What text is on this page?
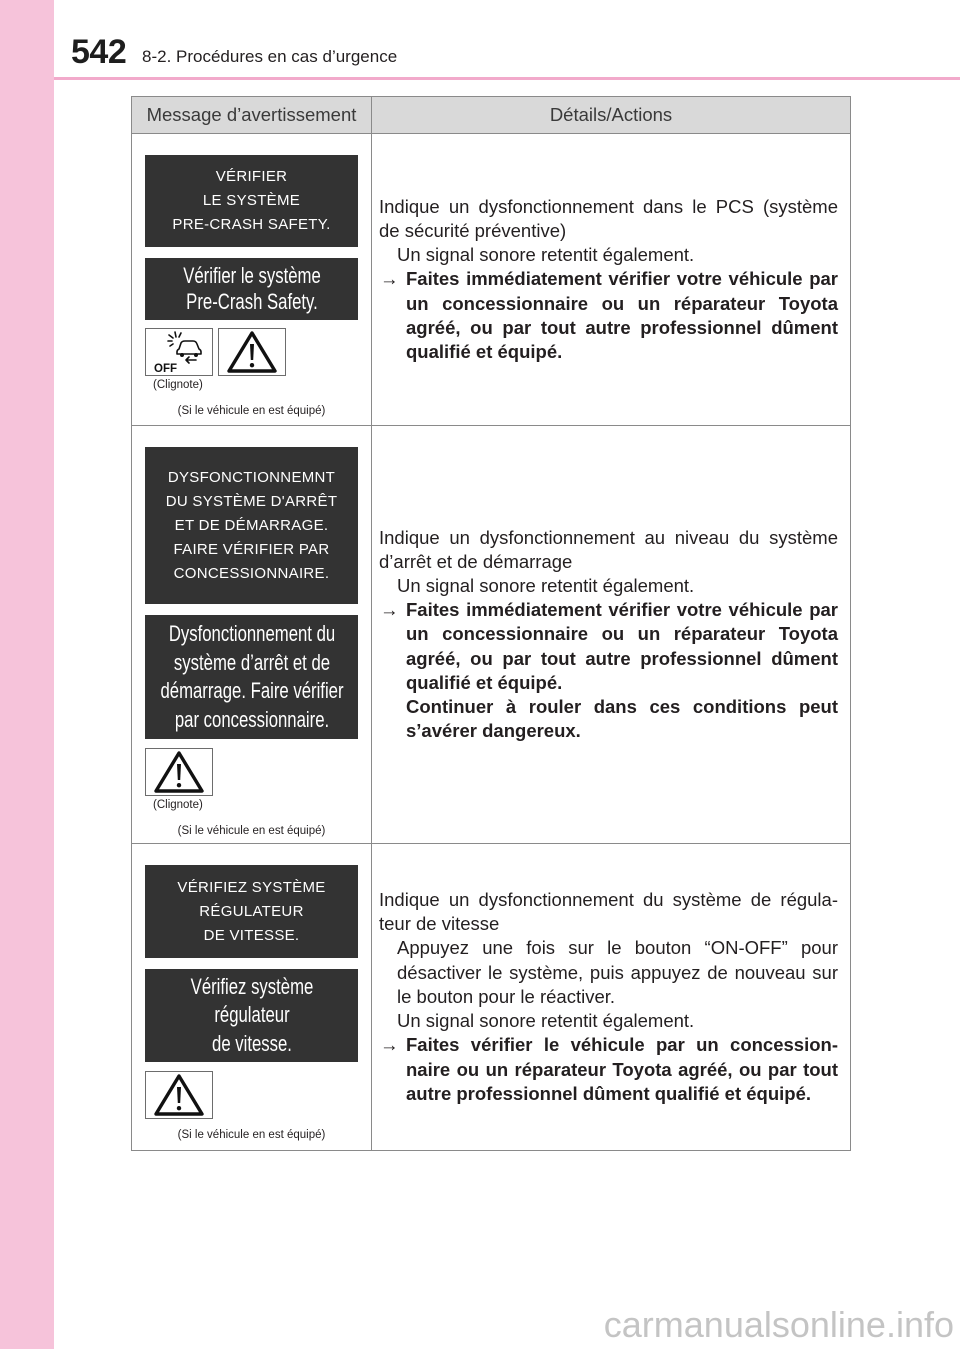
542 8-2. Procédures en cas d’urgence
Message d’avertissement	Détails/Actions
VÉRIFIER
LE SYSTÈME
PRE-CRASH SAFETY.
Vérifier le système
Pre-Crash Safety.
OFF
(Clignote)
(Si le véhicule en est équipé)
Indique un dysfonctionnement dans le PCS (système
de sécurité préventive)
Un signal sonore retentit également.
→ Faites immédiatement vérifier votre véhicule par
un concessionnaire ou un réparateur Toyota
agréé, ou par tout autre professionnel dûment
qualifié et équipé.
DYSFONCTIONNEMNT
DU SYSTÈME D'ARRÊT
ET DE DÉMARRAGE.
FAIRE VÉRIFIER PAR
CONCESSIONNAIRE.
Dysfonctionnement du
système d’arrêt et de
démarrage. Faire vérifier
par concessionnaire.
(Clignote)
(Si le véhicule en est équipé)
Indique un dysfonctionnement au niveau du système
d’arrêt et de démarrage
Un signal sonore retentit également.
→ Faites immédiatement vérifier votre véhicule par
un concessionnaire ou un réparateur Toyota
agréé, ou par tout autre professionnel dûment
qualifié et équipé.
Continuer à rouler dans ces conditions peut
s’avérer dangereux.
VÉRIFIEZ SYSTÈME
RÉGULATEUR
DE VITESSE.
Vérifiez système
régulateur
de vitesse.
(Si le véhicule en est équipé)
Indique un dysfonctionnement du système de régula-
teur de vitesse
Appuyez une fois sur le bouton “ON-OFF” pour
désactiver le système, puis appuyez de nouveau sur
le bouton pour le réactiver.
Un signal sonore retentit également.
→ Faites vérifier le véhicule par un concession-
naire ou un réparateur Toyota agréé, ou par tout
autre professionnel dûment qualifié et équipé.
carmanualsonline.info
